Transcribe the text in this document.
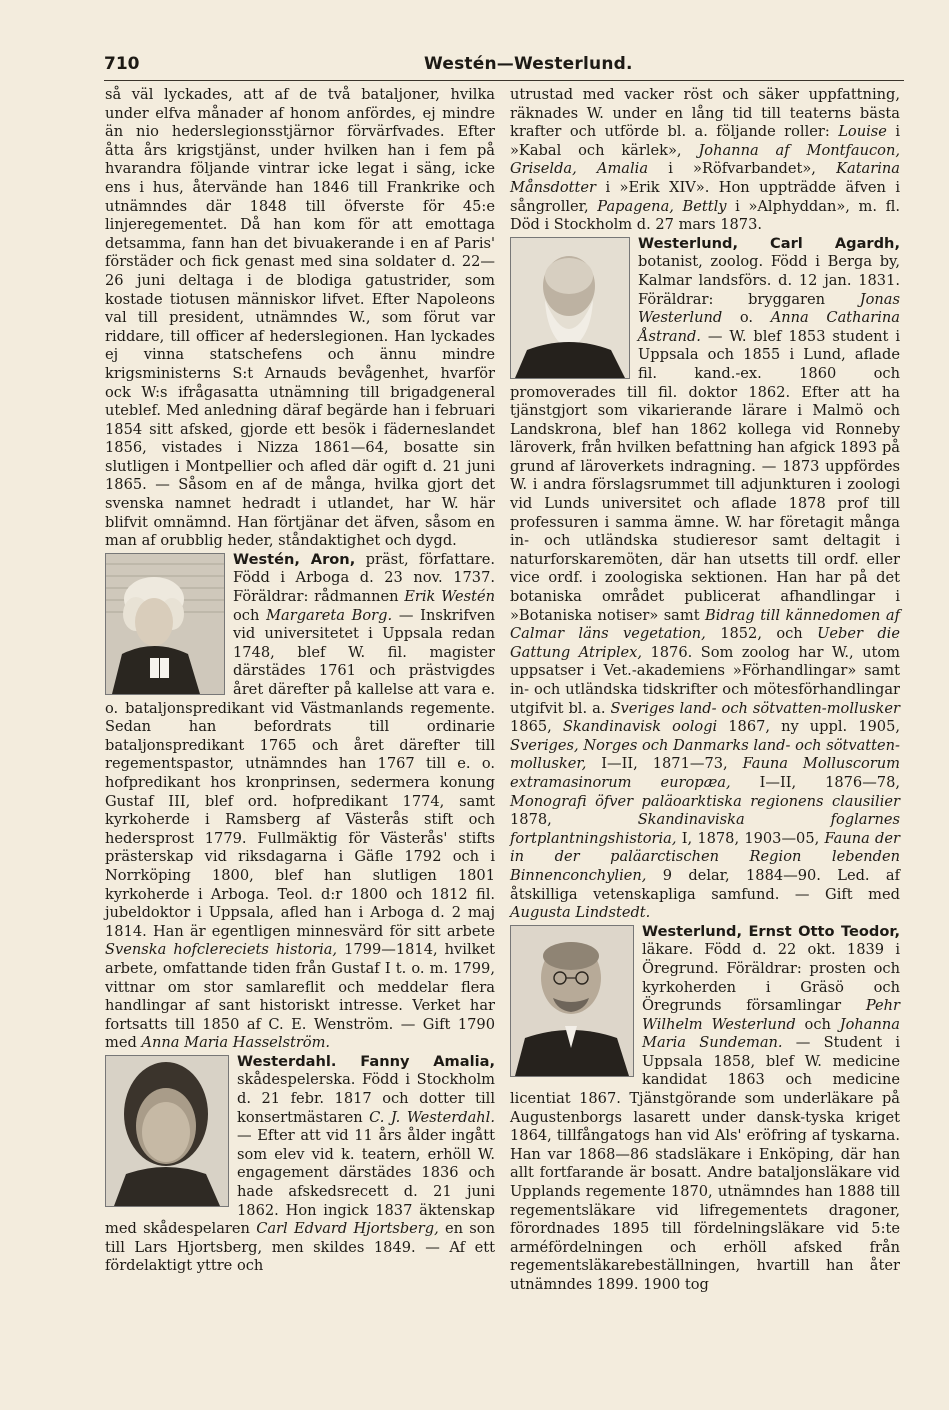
710	Westén—Westerlund.

så väl lyckades, att af de två bataljoner, hvilka under elfva månader af honom anfördes, ej mindre än nio hederslegionsstjärnor förvärfvades. Efter åtta års krigstjänst, under hvilken han i fem på hvarandra följande vintrar icke legat i säng, icke ens i hus, återvände han 1846 till Frankrike och utnämndes där 1848 till öfverste för 45:e linjeregementet. Då han kom för att emottaga detsamma, fann han det bivuakerande i en af Paris' förstäder och fick genast med sina soldater d. 22—26 juni deltaga i de blodiga gatustrider, som kostade tiotusen människor lifvet. Efter Napoleons val till president, utnämndes W., som förut var riddare, till officer af hederslegionen. Han lyckades ej vinna statschefens och ännu mindre krigsministerns S:t Arnauds bevågenhet, hvarför ock W:s ifrågasatta utnämning till brigadgeneral uteblef. Med anledning däraf begärde han i februari 1854 sitt afsked, gjorde ett besök i fäderneslandet 1856, vistades i Nizza 1861—64, bosatte sin slutligen i Montpellier och afled där ogift d. 21 juni 1865. — Såsom en af de många, hvilka gjort det svenska namnet hedradt i utlandet, har W. här blifvit omnämnd. Han förtjänar det äfven, såsom en man af orubblig heder, ståndaktighet och dygd.

Westén, Aron, präst, författare. Född i Arboga d. 23 nov. 1737. Föräldrar: rådmannen Erik Westén och Margareta Borg. — Inskrifven vid universitetet i Uppsala redan 1748, blef W. fil. magister därstädes 1761 och prästvigdes året därefter på kallelse att vara e. o. bataljonspredikant vid Västmanlands regemente. Sedan han befordrats till ordinarie bataljonspredikant 1765 och året därefter till regementspastor, utnämndes han 1767 till e. o. hofpredikant hos kronprinsen, sedermera konung Gustaf III, blef ord. hofpredikant 1774, samt kyrkoherde i Ramsberg af Västerås stift och hedersprost 1779. Fullmäktig för Västerås' stifts prästerskap vid riksdagarna i Gäfle 1792 och i Norrköping 1800, blef han slutligen 1801 kyrkoherde i Arboga. Teol. d:r 1800 och 1812 fil. jubeldoktor i Uppsala, afled han i Arboga d. 2 maj 1814. Han är egentligen minnesvärd för sitt arbete Svenska hofclereciets historia, 1799—1814, hvilket arbete, omfattande tiden från Gustaf I t. o. m. 1799, vittnar om stor samlareflit och meddelar flera handlingar af sant historiskt intresse. Verket har fortsatts till 1850 af C. E. Wenström. — Gift 1790 med Anna Maria Hasselström.

Westerdahl. Fanny Amalia, skådespelerska. Född i Stockholm d. 21 febr. 1817 och dotter till konsertmästaren C. J. Westerdahl. — Efter att vid 11 års ålder ingått som elev vid k. teatern, erhöll W. engagement därstädes 1836 och hade afskedsrecett d. 21 juni 1862. Hon ingick 1837 äktenskap med skådespelaren Carl Edvard Hjortsberg, en son till Lars Hjortsberg, men skildes 1849. — Af ett fördelaktigt yttre och

utrustad med vacker röst och säker uppfattning, räknades W. under en lång tid till teaterns bästa krafter och utförde bl. a. följande roller: Louise i »Kabal och kärlek», Johanna af Montfaucon, Griselda, Amalia i »Röfvarbandet», Katarina Månsdotter i »Erik XIV». Hon uppträdde äfven i sångroller, Papagena, Bettly i »Alphyddan», m. fl. Död i Stockholm d. 27 mars 1873.

Westerlund, Carl Agardh, botanist, zoolog. Född i Berga by, Kalmar landsförs. d. 12 jan. 1831. Föräldrar: bryggaren Jonas Westerlund o. Anna Catharina Åstrand. — W. blef 1853 student i Uppsala och 1855 i Lund, aflade fil. kand.-ex. 1860 och promoverades till fil. doktor 1862. Efter att ha tjänstgjort som vikarierande lärare i Malmö och Landskrona, blef han 1862 kollega vid Ronneby läroverk, från hvilken befattning han afgick 1893 på grund af läroverkets indragning. — 1873 uppfördes W. i andra förslagsrummet till adjunkturen i zoologi vid Lunds universitet och aflade 1878 prof till professuren i samma ämne. W. har företagit många in- och utländska studieresor samt deltagit i naturforskaremöten, där han utsetts till ordf. eller vice ordf. i zoologiska sektionen. Han har på det botaniska området publicerat afhandlingar i »Botaniska notiser» samt Bidrag till kännedomen af Calmar läns vegetation, 1852, och Ueber die Gattung Atriplex, 1876. Som zoolog har W., utom uppsatser i Vet.-akademiens »Förhandlingar» samt in- och utländska tidskrifter och mötesförhandlingar utgifvit bl. a. Sveriges land- och sötvatten-mollusker 1865, Skandinavisk oologi 1867, ny uppl. 1905, Sveriges, Norges och Danmarks land- och sötvatten-mollusker, I—II, 1871—73, Fauna Molluscorum extramasinorum europæa, I—II, 1876—78, Monografi öfver paläoarktiska regionens clausilier 1878, Skandinaviska foglarnes fortplantningshistoria, I, 1878, 1903—05, Fauna der in der paläarctischen Region lebenden Binnenconchylien, 9 delar, 1884—90. Led. af åtskilliga vetenskapliga samfund. — Gift med Augusta Lindstedt.

Westerlund, Ernst Otto Teodor, läkare. Född d. 22 okt. 1839 i Öregrund. Föräldrar: prosten och kyrkoherden i Gräsö och Öregrunds församlingar Pehr Wilhelm Westerlund och Johanna Maria Sundeman. — Student i Uppsala 1858, blef W. medicine kandidat 1863 och medicine licentiat 1867. Tjänstgörande som underläkare på Augustenborgs lasarett under dansk-tyska kriget 1864, tillfångatogs han vid Als' eröfring af tyskarna. Han var 1868—86 stadsläkare i Enköping, där han allt fortfarande är bosatt. Andre bataljonsläkare vid Upplands regemente 1870, utnämndes han 1888 till regementsläkare vid lifregementets dragoner, förordnades 1895 till fördelningsläkare vid 5:te arméfördelningen och erhöll afsked från regementsläkarebeställningen, hvartill han åter utnämndes 1899. 1900 tog
